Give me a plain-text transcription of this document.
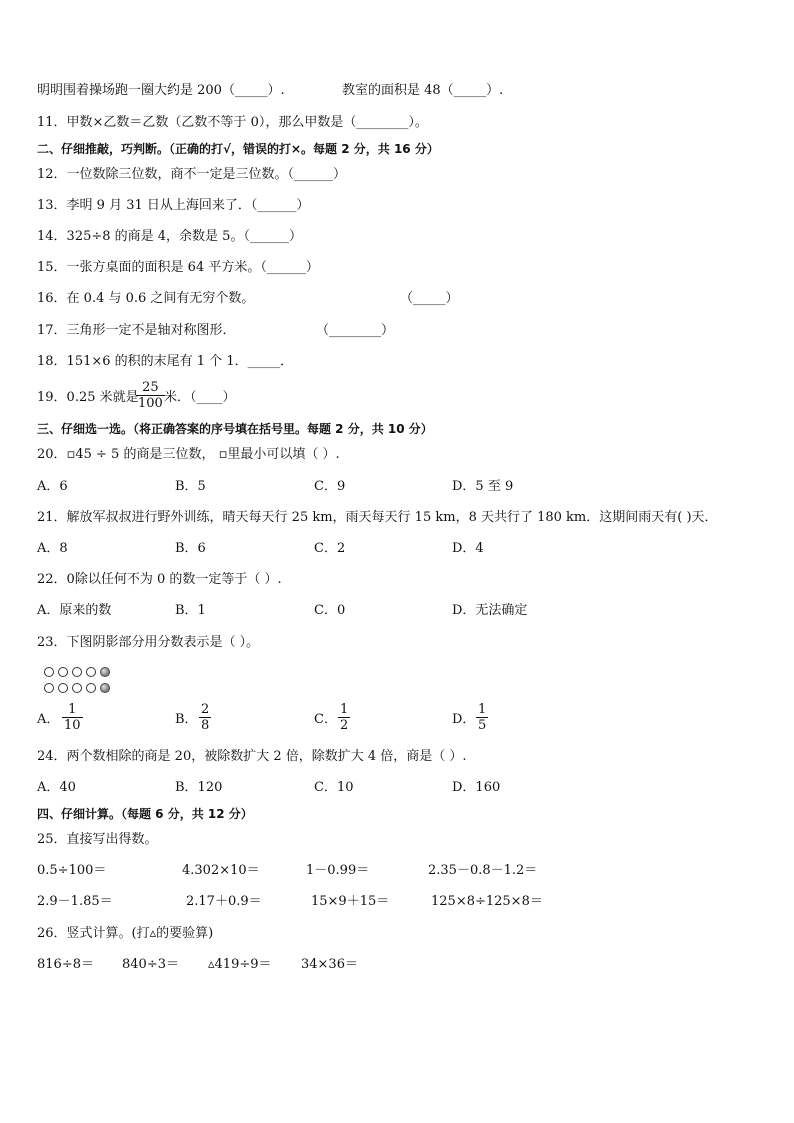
明明围着操场跑一圈大约是 200（_____）.	教室的面积是 48（_____）.
11．甲数×乙数＝乙数（乙数不等于 0），那么甲数是（________）。
二、仔细推敲，巧判断。（正确的打√，错误的打×。每题 2 分，共 16 分）
12．一位数除三位数，商不一定是三位数。（______）
13．李明 9 月 31 日从上海回来了．（______）
14．325÷8 的商是 4，余数是 5。（______）
15．一张方桌面的面积是 64 平方米。（______）
16．在 0.4 与 0.6 之间有无穷个数。	（_____）
17．三角形一定不是轴对称图形．	（________）
18．151×6 的积的末尾有 1 个 1．_____．
19．0.25 米就是
$\frac{25}{100}$ 米．（____）
三、仔细选一选。（将正确答案的序号填在括号里。每题 2 分，共 10 分）
20．▫45 ÷ 5 的商是三位数， ▫里最小可以填（ ）.
A．6	B．5	C．9	D．5 至 9
21．解放军叔叔进行野外训练，晴天每天行 25 km，雨天每天行 15 km，8 天共行了 180 km．这期间雨天有( )天．
A．8	B．6	C．2	D．4
22．0除以任何不为 0 的数一定等于（ ）.
A．原来的数	B．1	C．0	D．无法确定
23．下图阴影部分用分数表示是（ ）。
A． $\frac{1}{10}$	B． $\frac{2}{8}$	C． $\frac{1}{2}$	D． $\frac{1}{5}$
24．两个数相除的商是 20，被除数扩大 2 倍，除数扩大 4 倍，商是（ ）.
A．40	B．120	C．10	D．160
四、仔细计算。（每题 6 分，共 12 分）
25．直接写出得数。
0.5÷100＝	4.302×10＝	1－0.99＝	2.35－0.8－1.2＝
2.9－1.85＝	2.17＋0.9＝	15×9＋15＝	125×8÷125×8＝
26．竖式计算。(打▵的要验算)
816÷8＝ 840÷3＝ ▵419÷9＝ 34×36＝
